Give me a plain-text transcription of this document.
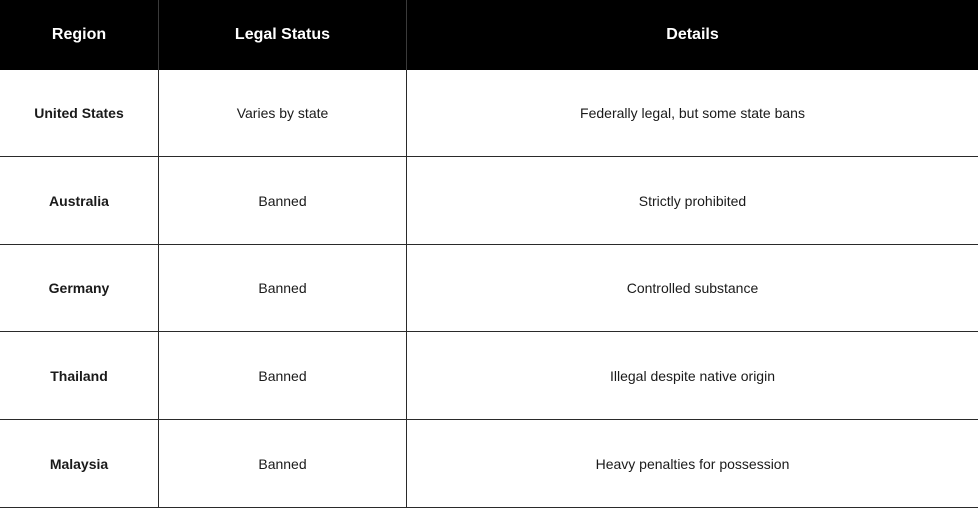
Region	Legal Status	Details
United States	Varies by state	Federally legal, but some state bans
Australia	Banned	Strictly prohibited
Germany	Banned	Controlled substance
Thailand	Banned	Illegal despite native origin
Malaysia	Banned	Heavy penalties for possession
